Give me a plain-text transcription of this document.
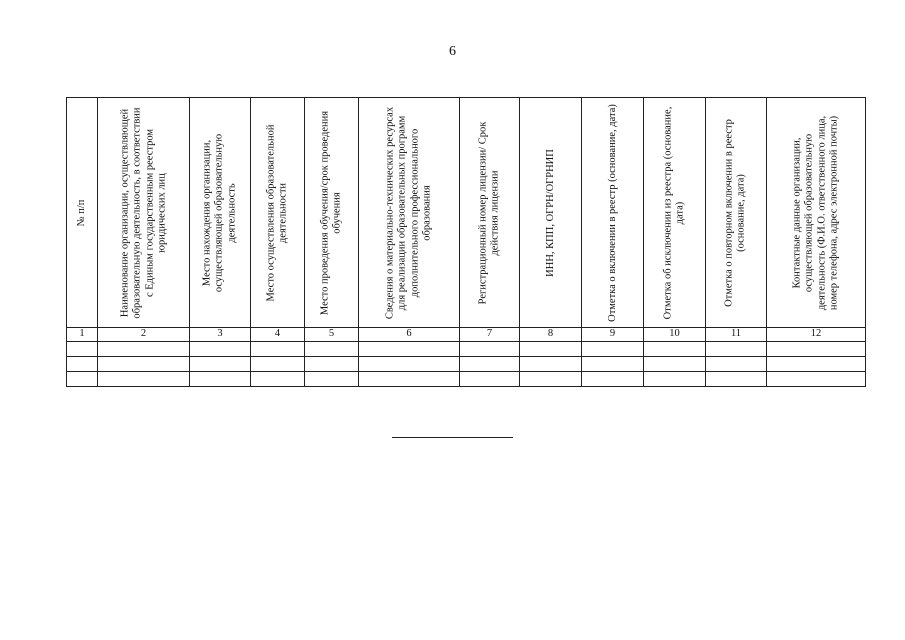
6
№ п/п	Наименование организации, осуществляющей образовательную деятельность, в соответствии с Единым государственным реестром юридических лиц	Место нахождения организации, осуществляющей образовательную деятельность	Место осуществления образовательной деятельности	Место проведения обучения/срок проведения обучения	Сведения о материально-технических ресурсах для реализации образовательных программ дополнительного профессионального образования	Регистрационный номер лицензии/ Срок действия лицензии	ИНН, КПП, ОГРН/ОГРНИП	Отметка о включении в реестр (основание, дата)	Отметка об исключении из реестра (основание, дата)	Отметка о повторном включении в реестр (основание, дата)	Контактные данные организации, осуществляющей образовательную деятельность (Ф.И.О. ответственного лица, номер телефона, адрес электронной почты)

1	2	3	4	5	6	7	8	9	10	11	12
